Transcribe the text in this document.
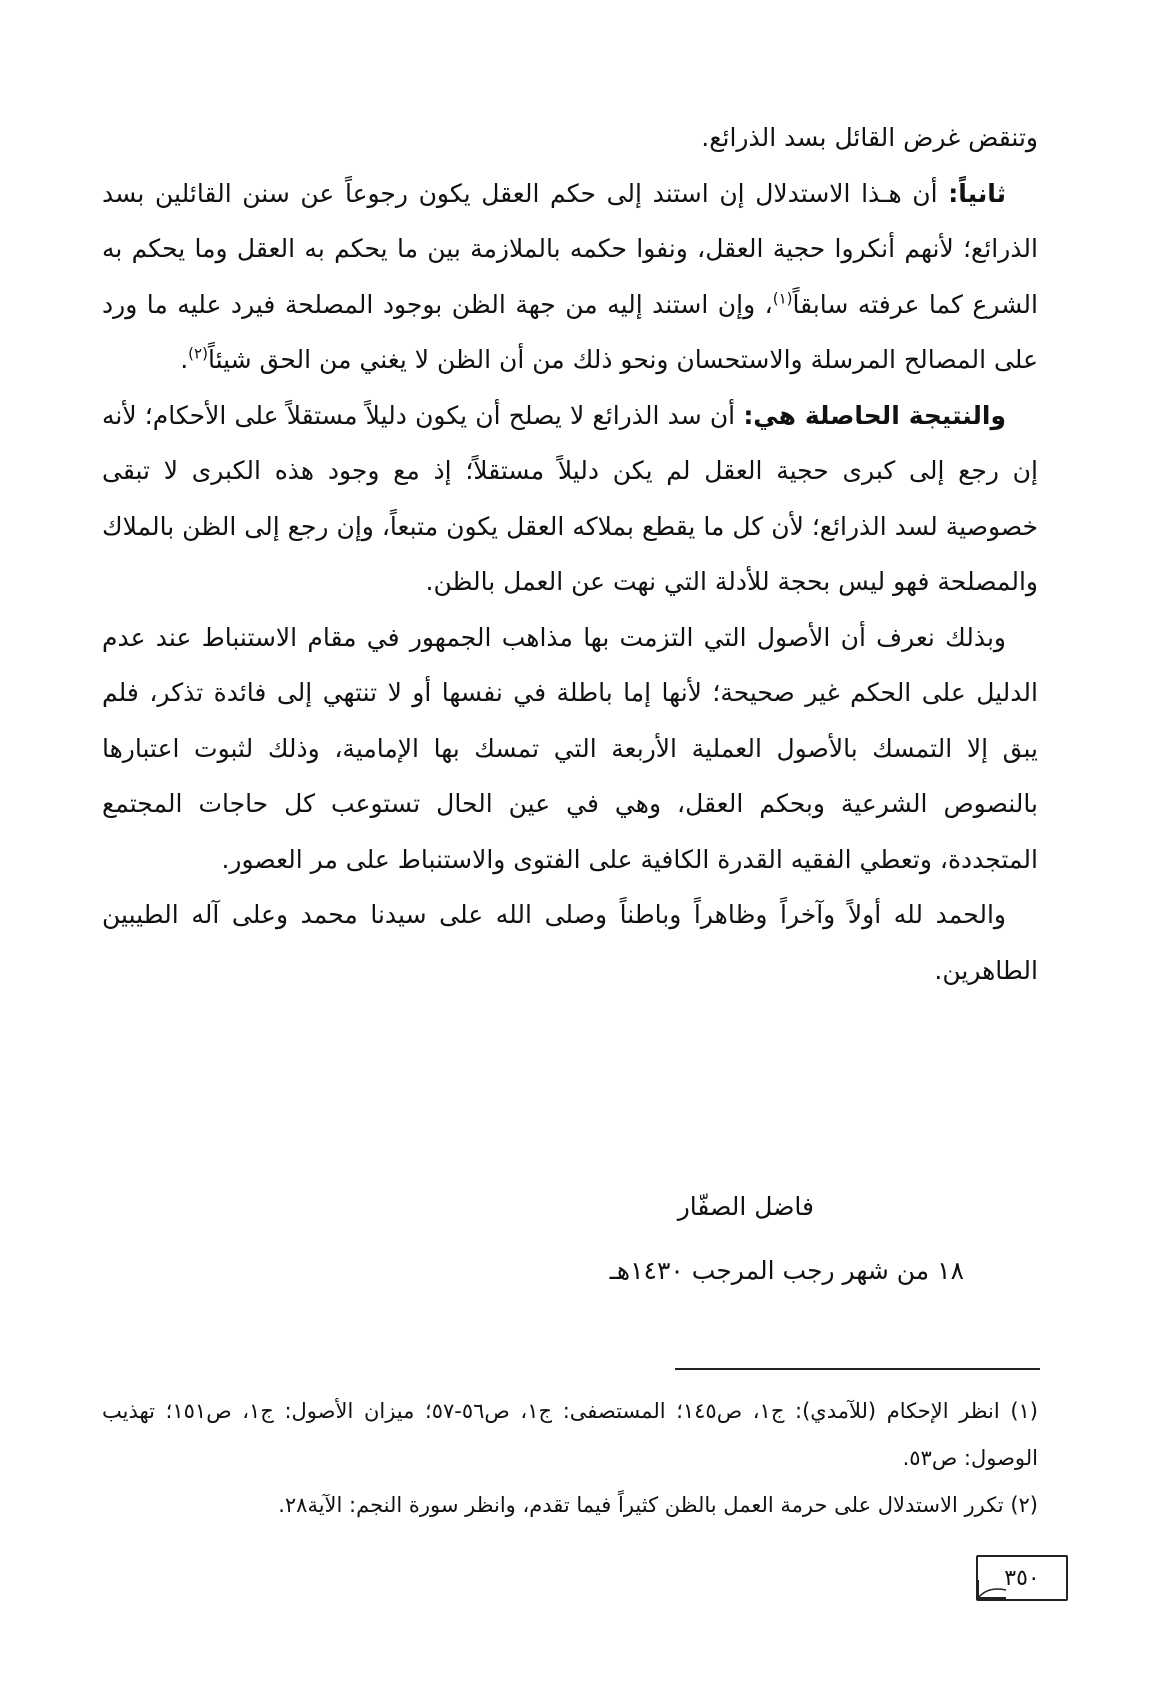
وتنقض غرض القائل بسد الذرائع.

ثانياً: أن هـذا الاستدلال إن استند إلى حكم العقل يكون رجوعاً عن سنن القائلين بسد الذرائع؛ لأنهم أنكروا حجية العقل، ونفوا حكمه بالملازمة بين ما يحكم به العقل وما يحكم به الشرع كما عرفته سابقاً$^{(١)}$، وإن استند إليه من جهة الظن بوجود المصلحة فيرد عليه ما ورد على المصالح المرسلة والاستحسان ونحو ذلك من أن الظن لا يغني من الحق شيئاً$^{(٢)}$.

والنتيجة الحاصلة هي: أن سد الذرائع لا يصلح أن يكون دليلاً مستقلاً على الأحكام؛ لأنه إن رجع إلى كبرى حجية العقل لم يكن دليلاً مستقلاً؛ إذ مع وجود هذه الكبرى لا تبقى خصوصية لسد الذرائع؛ لأن كل ما يقطع بملاكه العقل يكون متبعاً، وإن رجع إلى الظن بالملاك والمصلحة فهو ليس بحجة للأدلة التي نهت عن العمل بالظن.

وبذلك نعرف أن الأصول التي التزمت بها مذاهب الجمهور في مقام الاستنباط عند عدم الدليل على الحكم غير صحيحة؛ لأنها إما باطلة في نفسها أو لا تنتهي إلى فائدة تذكر، فلم يبق إلا التمسك بالأصول العملية الأربعة التي تمسك بها الإمامية، وذلك لثبوت اعتبارها بالنصوص الشرعية وبحكم العقل، وهي في عين الحال تستوعب كل حاجات المجتمع المتجددة، وتعطي الفقيه القدرة الكافية على الفتوى والاستنباط على مر العصور.

والحمد لله أولاً وآخراً وظاهراً وباطناً وصلى الله على سيدنا محمد وعلى آله الطيبين الطاهرين.

فاضل الصفّار
١٨ من شهر رجب المرجب ١٤٣٠هـ

(١) انظر الإحكام (للآمدي): ج١، ص١٤٥؛ المستصفى: ج١، ص٥٦-٥٧؛ ميزان الأصول: ج١، ص١٥١؛ تهذيب الوصول: ص٥٣.

(٢) تكرر الاستدلال على حرمة العمل بالظن كثيراً فيما تقدم، وانظر سورة النجم: الآية٢٨.

٣٥٠
